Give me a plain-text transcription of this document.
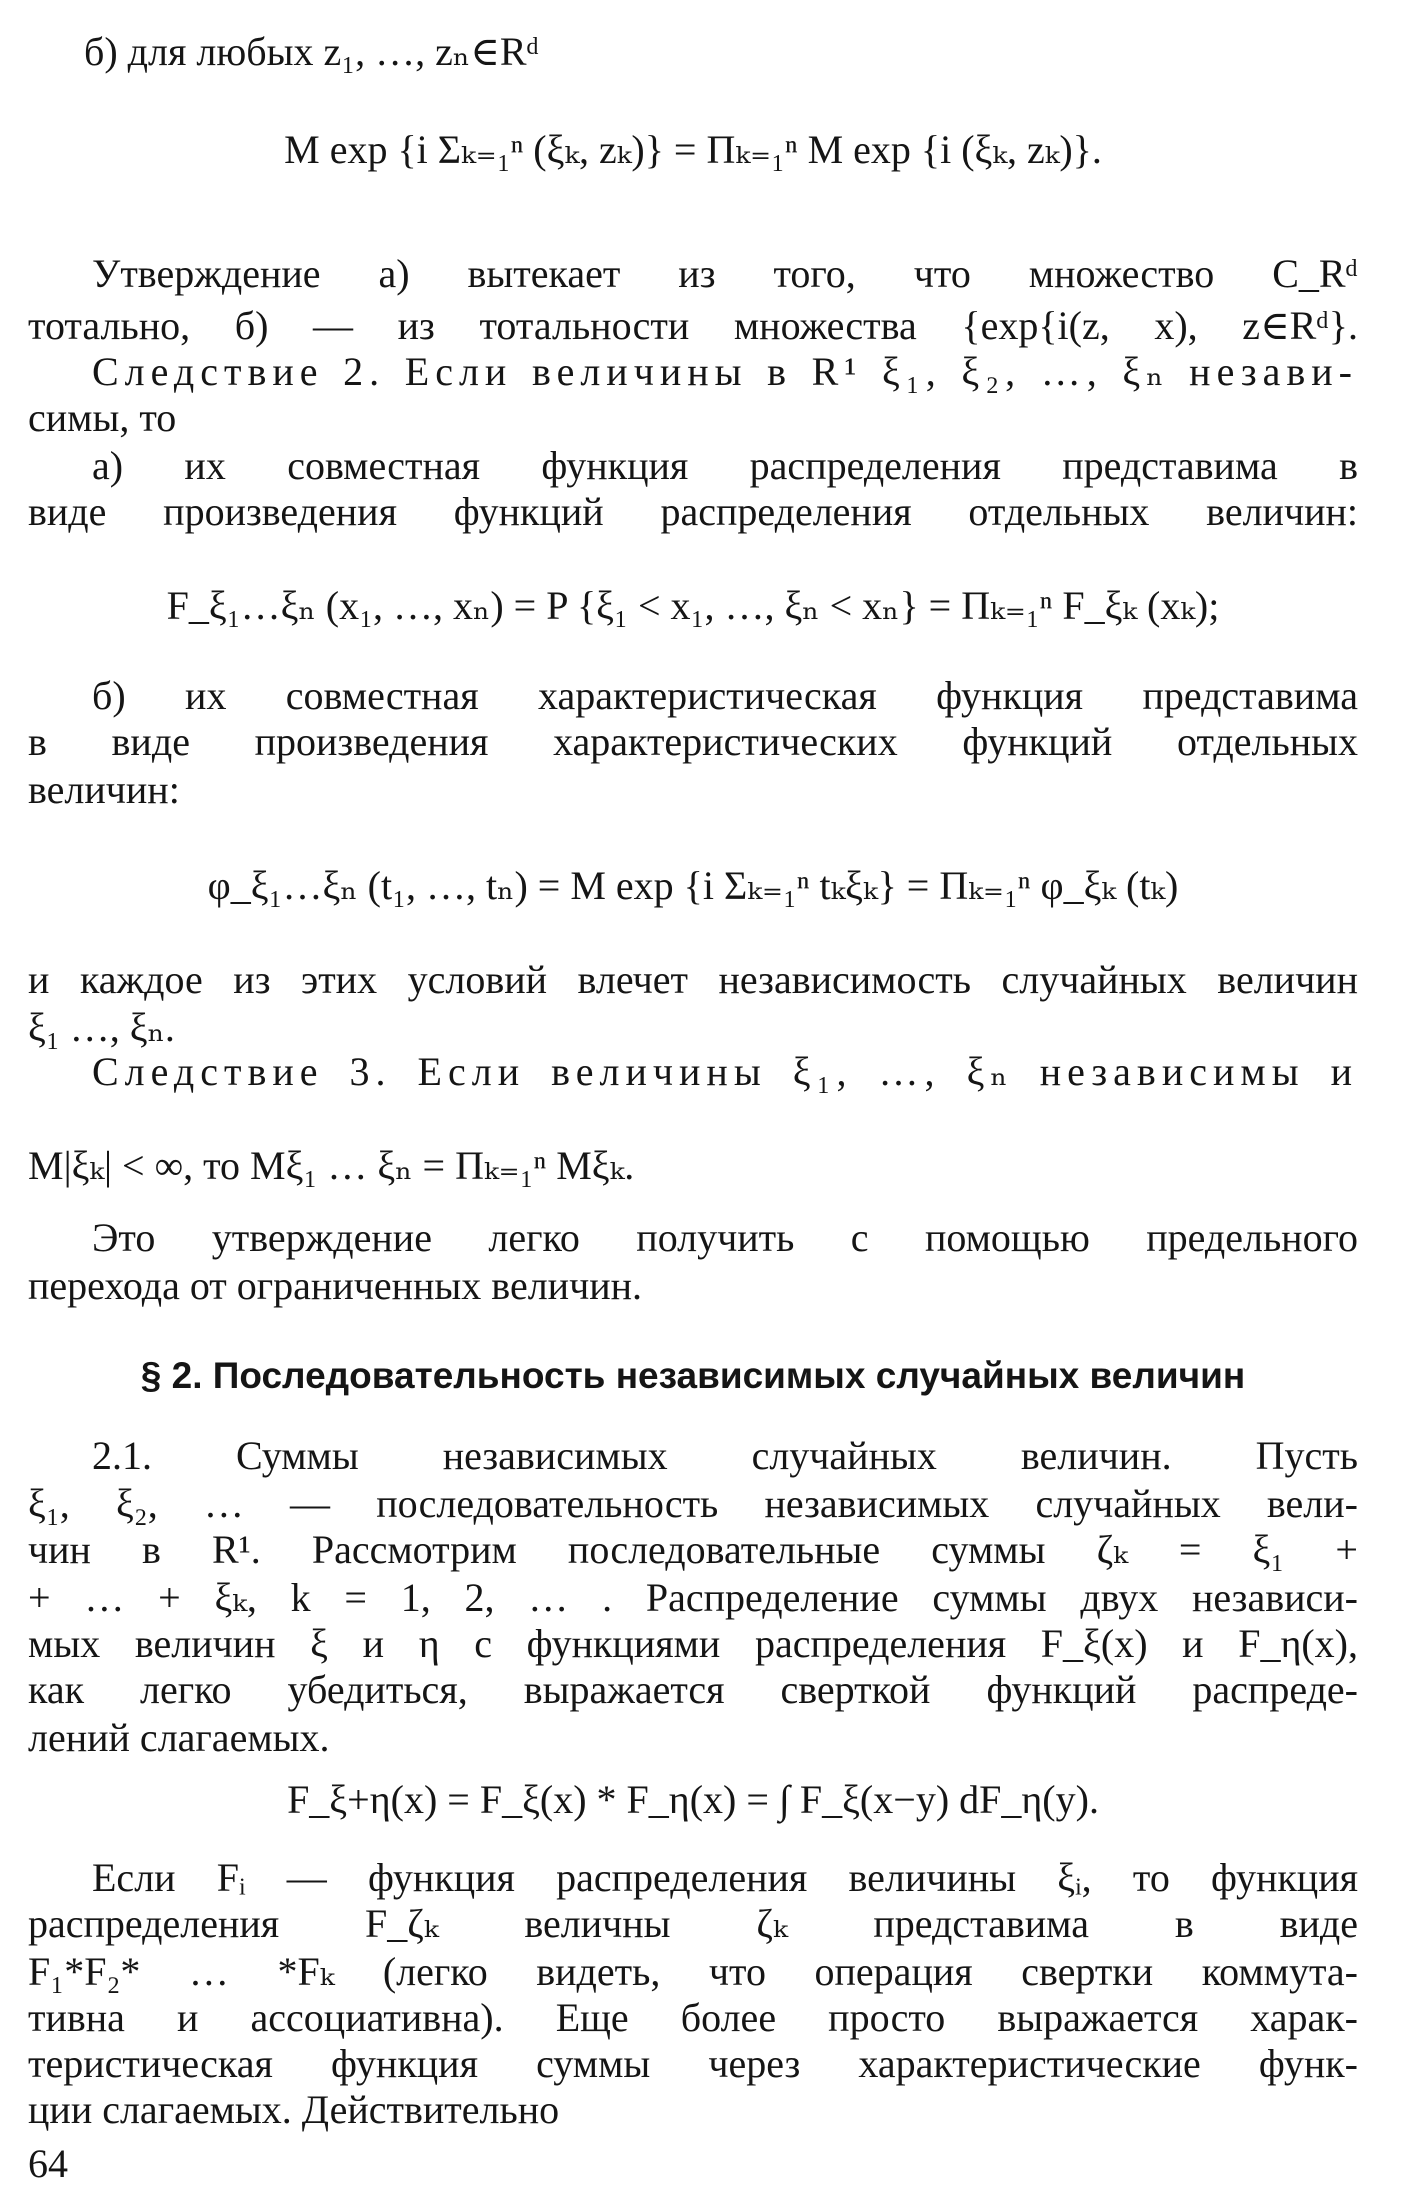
б) для любых z₁, …, zₙ∈Rᵈ
M exp {i Σₖ₌₁ⁿ (ξₖ, zₖ)} = Πₖ₌₁ⁿ M exp {i (ξₖ, zₖ)}.
Утверждение а) вытекает из того, что множество C_Rᵈ
тотально, б) — из тотальности множества {exp{i(z, x), z∈Rᵈ}.
Следствие 2. Если величины в R¹ ξ₁, ξ₂, …, ξₙ незави-
симы, то
а) их совместная функция распределения представима в
виде произведения функций распределения отдельных величин:
F_ξ₁…ξₙ (x₁, …, xₙ) = P {ξ₁ < x₁, …, ξₙ < xₙ} = Πₖ₌₁ⁿ F_ξₖ (xₖ);
б) их совместная характеристическая функция представима
в виде произведения характеристических функций отдельных
величин:
φ_ξ₁…ξₙ (t₁, …, tₙ) = M exp {i Σₖ₌₁ⁿ tₖξₖ} = Πₖ₌₁ⁿ φ_ξₖ (tₖ)
и каждое из этих условий влечет независимость случайных величин
ξ₁ …, ξₙ.
Следствие 3. Если величины ξ₁, …, ξₙ независимы и
M|ξₖ| < ∞, то Mξ₁ … ξₙ = Πₖ₌₁ⁿ Mξₖ.
Это утверждение легко получить с помощью предельного
перехода от ограниченных величин.
§ 2. Последовательность независимых случайных величин
2.1. Суммы независимых случайных величин. Пусть
ξ₁, ξ₂, … — последовательность независимых случайных вели-
чин в R¹. Рассмотрим последовательные суммы ζₖ = ξ₁ +
+ … + ξₖ, k = 1, 2, … . Распределение суммы двух независи-
мых величин ξ и η с функциями распределения F_ξ(x) и F_η(x),
как легко убедиться, выражается сверткой функций распреде-
лений слагаемых.
F_ξ+η(x) = F_ξ(x) * F_η(x) = ∫ F_ξ(x−y) dF_η(y).
Если Fᵢ — функция распределения величины ξᵢ, то функция
распределения F_ζₖ величны ζₖ представима в виде
F₁*F₂* … *Fₖ (легко видеть, что операция свертки коммута-
тивна и ассоциативна). Еще более просто выражается харак-
теристическая функция суммы через характеристические функ-
ции слагаемых. Действительно
64
